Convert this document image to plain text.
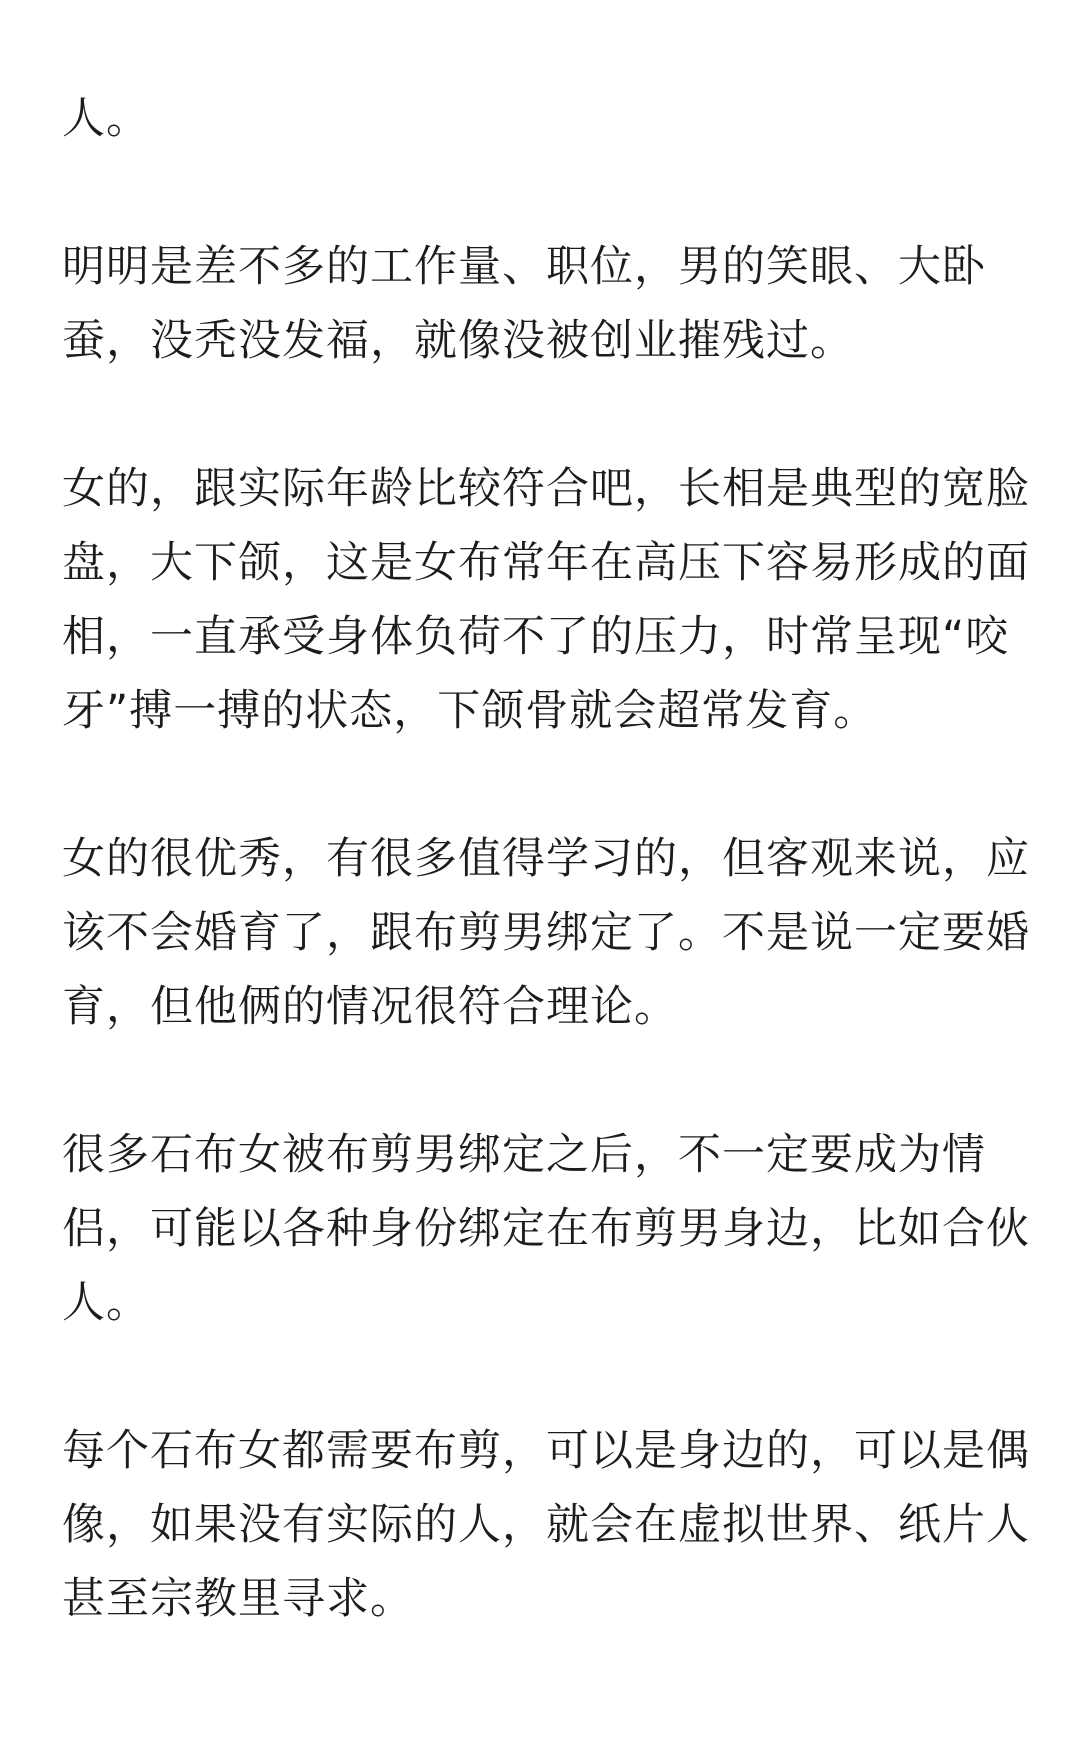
人。

明明是差不多的工作量、职位，男的笑眼、大卧
蚕，没秃没发福，就像没被创业摧残过。

女的，跟实际年龄比较符合吧，长相是典型的宽脸
盘，大下颌，这是女布常年在高压下容易形成的面
相，一直承受身体负荷不了的压力，时常呈现“咬
牙”搏一搏的状态，下颌骨就会超常发育。

女的很优秀，有很多值得学习的，但客观来说，应
该不会婚育了，跟布剪男绑定了。不是说一定要婚
育，但他俩的情况很符合理论。

很多石布女被布剪男绑定之后，不一定要成为情
侣，可能以各种身份绑定在布剪男身边，比如合伙
人。

每个石布女都需要布剪，可以是身边的，可以是偶
像，如果没有实际的人，就会在虚拟世界、纸片人
甚至宗教里寻求。
